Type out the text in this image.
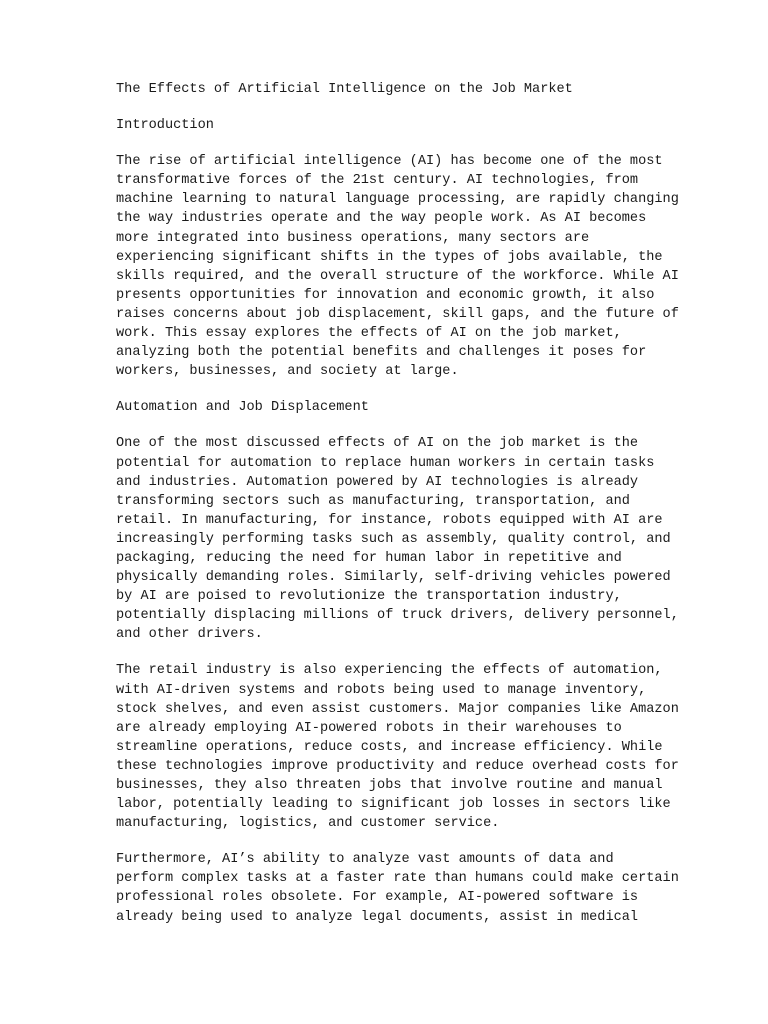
The Effects of Artificial Intelligence on the Job Market
Introduction
The rise of artificial intelligence (AI) has become one of the most
transformative forces of the 21st century. AI technologies, from
machine learning to natural language processing, are rapidly changing
the way industries operate and the way people work. As AI becomes
more integrated into business operations, many sectors are
experiencing significant shifts in the types of jobs available, the
skills required, and the overall structure of the workforce. While AI
presents opportunities for innovation and economic growth, it also
raises concerns about job displacement, skill gaps, and the future of
work. This essay explores the effects of AI on the job market,
analyzing both the potential benefits and challenges it poses for
workers, businesses, and society at large.
Automation and Job Displacement
One of the most discussed effects of AI on the job market is the
potential for automation to replace human workers in certain tasks
and industries. Automation powered by AI technologies is already
transforming sectors such as manufacturing, transportation, and
retail. In manufacturing, for instance, robots equipped with AI are
increasingly performing tasks such as assembly, quality control, and
packaging, reducing the need for human labor in repetitive and
physically demanding roles. Similarly, self-driving vehicles powered
by AI are poised to revolutionize the transportation industry,
potentially displacing millions of truck drivers, delivery personnel,
and other drivers.
The retail industry is also experiencing the effects of automation,
with AI-driven systems and robots being used to manage inventory,
stock shelves, and even assist customers. Major companies like Amazon
are already employing AI-powered robots in their warehouses to
streamline operations, reduce costs, and increase efficiency. While
these technologies improve productivity and reduce overhead costs for
businesses, they also threaten jobs that involve routine and manual
labor, potentially leading to significant job losses in sectors like
manufacturing, logistics, and customer service.
Furthermore, AI’s ability to analyze vast amounts of data and
perform complex tasks at a faster rate than humans could make certain
professional roles obsolete. For example, AI-powered software is
already being used to analyze legal documents, assist in medical
